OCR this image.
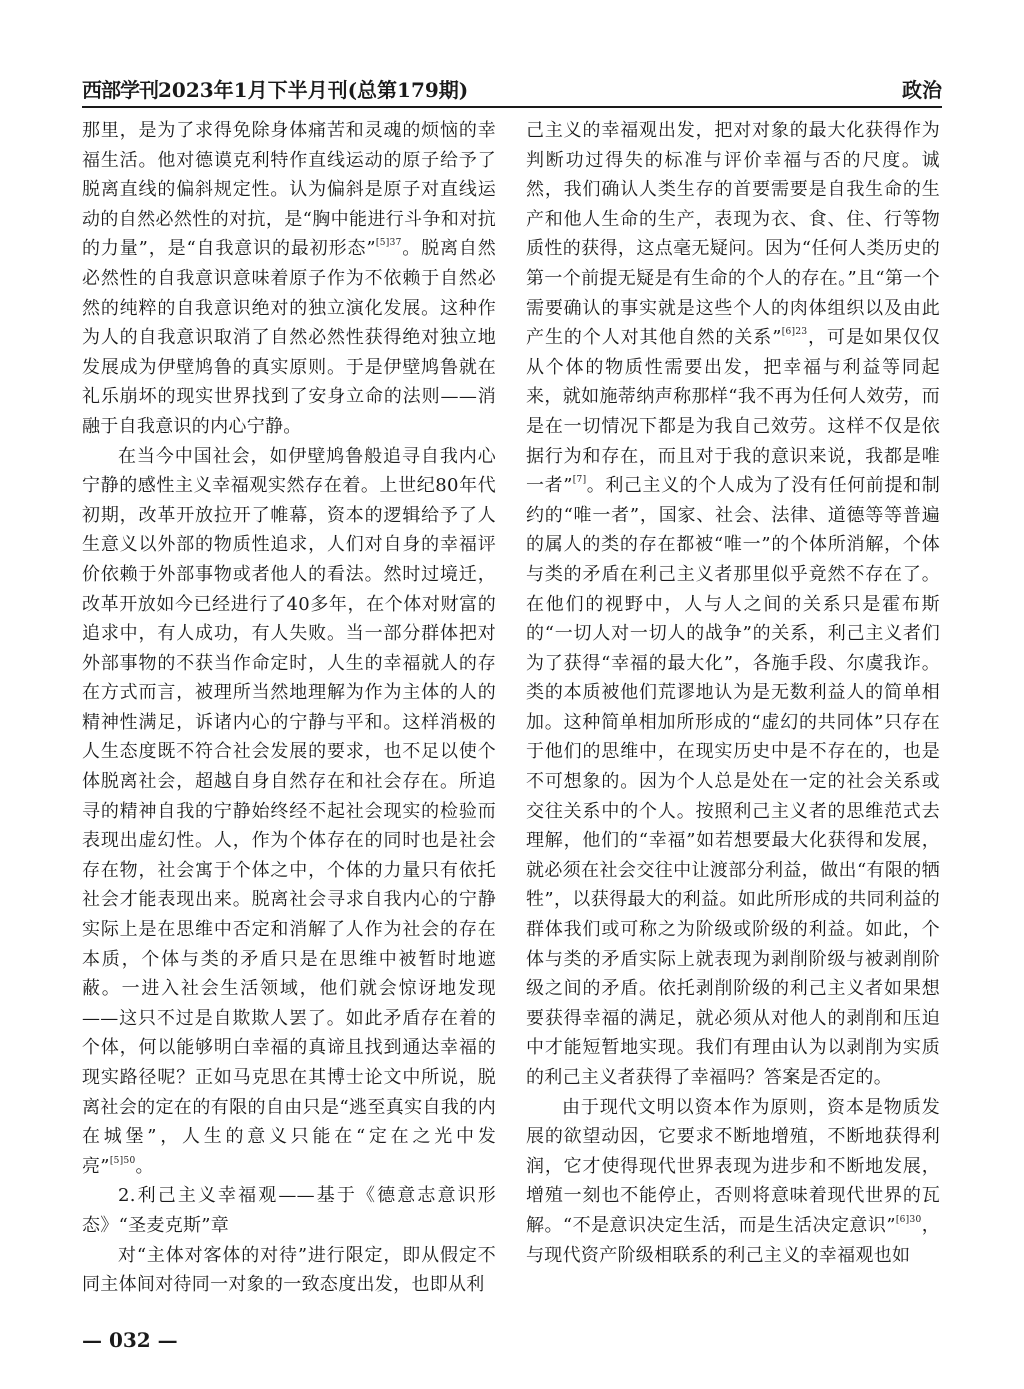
西部学刊2023年1月下半月刊(总第179期)	政治

那里，是为了求得免除身体痛苦和灵魂的烦恼的幸福生活。他对德谟克利特作直线运动的原子给予了脱离直线的偏斜规定性。认为偏斜是原子对直线运动的自然必然性的对抗，是“胸中能进行斗争和对抗的力量”，是“自我意识的最初形态”$^{[5]37}$。脱离自然必然性的自我意识意味着原子作为不依赖于自然必然的纯粹的自我意识绝对的独立演化发展。这种作为人的自我意识取消了自然必然性获得绝对独立地发展成为伊壁鸠鲁的真实原则。于是伊壁鸠鲁就在礼乐崩坏的现实世界找到了安身立命的法则——消融于自我意识的内心宁静。

在当今中国社会，如伊壁鸠鲁般追寻自我内心宁静的感性主义幸福观实然存在着。上世纪80年代初期，改革开放拉开了帷幕，资本的逻辑给予了人生意义以外部的物质性追求，人们对自身的幸福评价依赖于外部事物或者他人的看法。然时过境迁，改革开放如今已经进行了40多年，在个体对财富的追求中，有人成功，有人失败。当一部分群体把对外部事物的不获当作命定时，人生的幸福就人的存在方式而言，被理所当然地理解为作为主体的人的精神性满足，诉诸内心的宁静与平和。这样消极的人生态度既不符合社会发展的要求，也不足以使个体脱离社会，超越自身自然存在和社会存在。所追寻的精神自我的宁静始终经不起社会现实的检验而表现出虚幻性。人，作为个体存在的同时也是社会存在物，社会寓于个体之中，个体的力量只有依托社会才能表现出来。脱离社会寻求自我内心的宁静实际上是在思维中否定和消解了人作为社会的存在本质，个体与类的矛盾只是在思维中被暂时地遮蔽。一进入社会生活领域，他们就会惊讶地发现——这只不过是自欺欺人罢了。如此矛盾存在着的个体，何以能够明白幸福的真谛且找到通达幸福的现实路径呢？正如马克思在其博士论文中所说，脱离社会的定在的有限的自由只是“逃至真实自我的内在城堡”，人生的意义只能在“定在之光中发亮”$^{[5]50}$。

2.利己主义幸福观——基于《德意志意识形态》“圣麦克斯”章

对“主体对客体的对待”进行限定，即从假定不同主体间对待同一对象的一致态度出发，也即从利

己主义的幸福观出发，把对对象的最大化获得作为判断功过得失的标准与评价幸福与否的尺度。诚然，我们确认人类生存的首要需要是自我生命的生产和他人生命的生产，表现为衣、食、住、行等物质性的获得，这点毫无疑问。因为“任何人类历史的第一个前提无疑是有生命的个人的存在。”且“第一个需要确认的事实就是这些个人的肉体组织以及由此产生的个人对其他自然的关系”$^{[6]23}$，可是如果仅仅从个体的物质性需要出发，把幸福与利益等同起来，就如施蒂纳声称那样“我不再为任何人效劳，而是在一切情况下都是为我自己效劳。这样不仅是依据行为和存在，而且对于我的意识来说，我都是唯一者”[7]。利己主义的个人成为了没有任何前提和制约的“唯一者”，国家、社会、法律、道德等等普遍的属人的类的存在都被“唯一”的个体所消解，个体与类的矛盾在利己主义者那里似乎竟然不存在了。在他们的视野中，人与人之间的关系只是霍布斯的“一切人对一切人的战争”的关系，利己主义者们为了获得“幸福的最大化”，各施手段、尔虞我诈。类的本质被他们荒谬地认为是无数利益人的简单相加。这种简单相加所形成的“虚幻的共同体”只存在于他们的思维中，在现实历史中是不存在的，也是不可想象的。因为个人总是处在一定的社会关系或交往关系中的个人。按照利己主义者的思维范式去理解，他们的“幸福”如若想要最大化获得和发展，就必须在社会交往中让渡部分利益，做出“有限的牺牲”，以获得最大的利益。如此所形成的共同利益的群体我们或可称之为阶级或阶级的利益。如此，个体与类的矛盾实际上就表现为剥削阶级与被剥削阶级之间的矛盾。依托剥削阶级的利己主义者如果想要获得幸福的满足，就必须从对他人的剥削和压迫中才能短暂地实现。我们有理由认为以剥削为实质的利己主义者获得了幸福吗？答案是否定的。

由于现代文明以资本作为原则，资本是物质发展的欲望动因，它要求不断地增殖，不断地获得利润，它才使得现代世界表现为进步和不断地发展，增殖一刻也不能停止，否则将意味着现代世界的瓦解。“不是意识决定生活，而是生活决定意识”$^{[6]30}$，与现代资产阶级相联系的利己主义的幸福观也如

— 032 —
